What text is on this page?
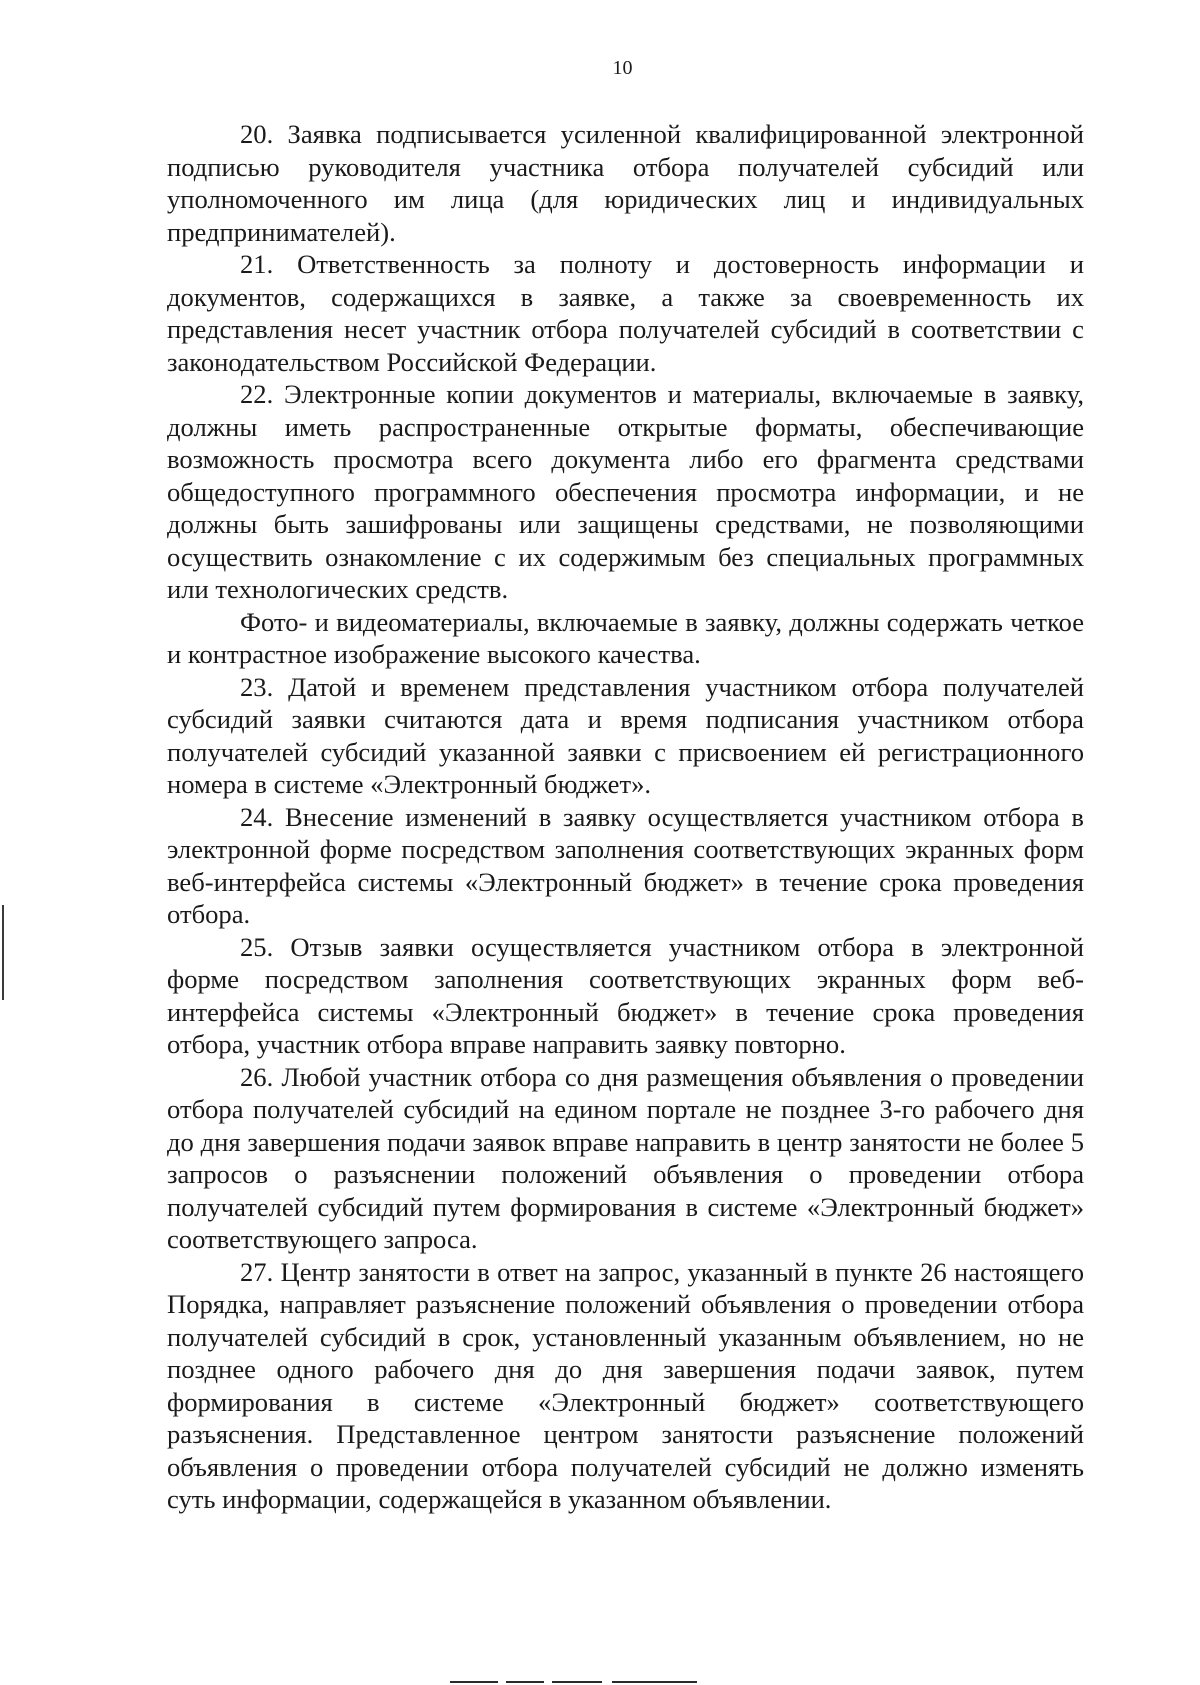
10

20. Заявка подписывается усиленной квалифицированной электронной подписью руководителя участника отбора получателей субсидий или уполномоченного им лица (для юридических лиц и индивидуальных предпринимателей).

21. Ответственность за полноту и достоверность информации и документов, содержащихся в заявке, а также за своевременность их представления несет участник отбора получателей субсидий в соответствии с законодательством Российской Федерации.

22. Электронные копии документов и материалы, включаемые в заявку, должны иметь распространенные открытые форматы, обеспечивающие возможность просмотра всего документа либо его фрагмента средствами общедоступного программного обеспечения просмотра информации, и не должны быть зашифрованы или защищены средствами, не позволяющими осуществить ознакомление с их содержимым без специальных программных или технологических средств.

Фото- и видеоматериалы, включаемые в заявку, должны содержать четкое и контрастное изображение высокого качества.

23. Датой и временем представления участником отбора получателей субсидий заявки считаются дата и время подписания участником отбора получателей субсидий указанной заявки с присвоением ей регистрационного номера в системе «Электронный бюджет».

24. Внесение изменений в заявку осуществляется участником отбора в электронной форме посредством заполнения соответствующих экранных форм веб-интерфейса системы «Электронный бюджет» в течение срока проведения отбора.

25. Отзыв заявки осуществляется участником отбора в электронной форме посредством заполнения соответствующих экранных форм веб-интерфейса системы «Электронный бюджет» в течение срока проведения отбора, участник отбора вправе направить заявку повторно.

26. Любой участник отбора со дня размещения объявления о проведении отбора получателей субсидий на едином портале не позднее 3-го рабочего дня до дня завершения подачи заявок вправе направить в центр занятости не более 5 запросов о разъяснении положений объявления о проведении отбора получателей субсидий путем формирования в системе «Электронный бюджет» соответствующего запроса.

27. Центр занятости в ответ на запрос, указанный в пункте 26 настоящего Порядка, направляет разъяснение положений объявления о проведении отбора получателей субсидий в срок, установленный указанным объявлением, но не позднее одного рабочего дня до дня завершения подачи заявок, путем формирования в системе «Электронный бюджет» соответствующего разъяснения. Представленное центром занятости разъяснение положений объявления о проведении отбора получателей субсидий не должно изменять суть информации, содержащейся в указанном объявлении.
